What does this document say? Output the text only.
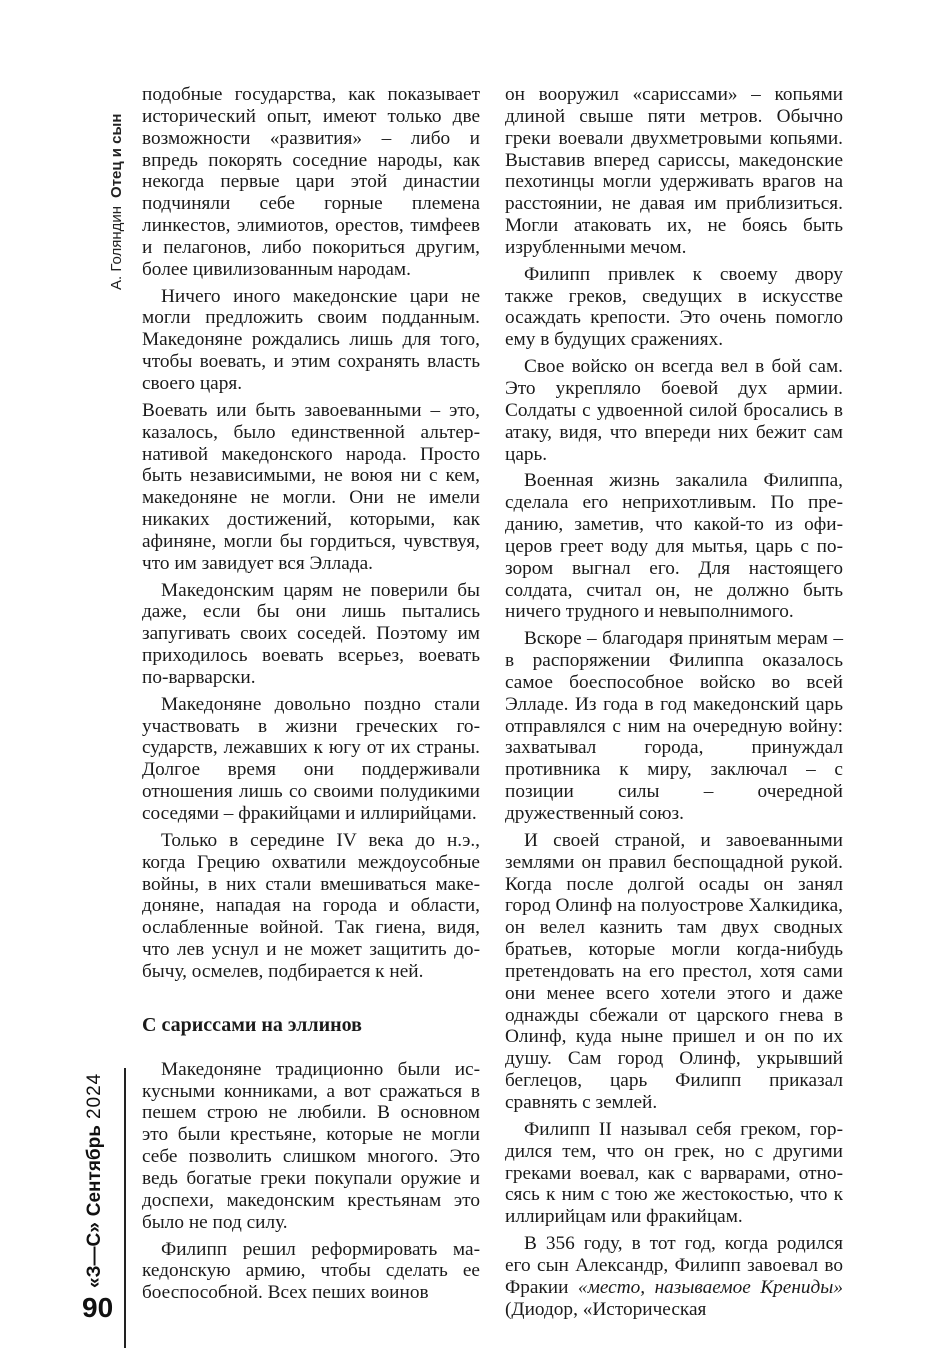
А. ГоляндинОтец и сын
«З—С»Сентябрь2024
90

подобные государства, как показывает исторический опыт, имеют только две возможности «развития» – либо и впредь покорять соседние народы, как некогда первые цари этой династии подчиняли себе горные племена линкестов, элимиотов, орестов, тимфеев и пелагонов, либо покориться другим, более цивилизованным народам.

Ничего иного македонские цари не могли предложить своим подданным. Македоняне рождались лишь для того, чтобы воевать, и этим сохранять власть своего царя.

Воевать или быть завоеванными – это, казалось, было единственной альтернативой македонского народа. Просто быть независимыми, не воюя ни с кем, македоняне не могли. Они не имели никаких достижений, которыми, как афиняне, могли бы гордиться, чувствуя, что им завидует вся Эллада.

Македонским царям не поверили бы даже, если бы они лишь пытались запугивать своих соседей. Поэтому им приходилось воевать всерьез, воевать по-варварски.

Македоняне довольно поздно стали участвовать в жизни греческих государств, лежавших к югу от их страны. Долгое время они поддерживали отношения лишь со своими полудикими соседями – фракийцами и иллирийцами.

Только в середине IV века до н.э., когда Грецию охватили междоусобные войны, в них стали вмешиваться македоняне, нападая на города и области, ослабленные войной. Так гиена, видя, что лев уснул и не может защитить добычу, осмелев, подбирается к ней.

С сариссами на эллинов

Македоняне традиционно были искусными конниками, а вот сражаться в пешем строю не любили. В основном это были крестьяне, которые не могли себе позволить слишком многого. Это ведь богатые греки покупали оружие и доспехи, македонским крестьянам это было не под силу.

Филипп решил реформировать македонскую армию, чтобы сделать ее боеспособной. Всех пеших воинов

он вооружил «сариссами» – копьями длиной свыше пяти метров. Обычно греки воевали двухметровыми копьями. Выставив вперед сариссы, македонские пехотинцы могли удерживать врагов на расстоянии, не давая им приблизиться. Могли атаковать их, не боясь быть изрубленными мечом.

Филипп привлек к своему двору также греков, сведущих в искусстве осаждать крепости. Это очень помогло ему в будущих сражениях.

Свое войско он всегда вел в бой сам. Это укрепляло боевой дух армии. Солдаты с удвоенной силой бросались в атаку, видя, что впереди них бежит сам царь.

Военная жизнь закалила Филиппа, сделала его неприхотливым. По преданию, заметив, что какой-то из офицеров греет воду для мытья, царь с позором выгнал его. Для настоящего солдата, считал он, не должно быть ничего трудного и невыполнимого.

Вскоре – благодаря принятым мерам – в распоряжении Филиппа оказалось самое боеспособное войско во всей Элладе. Из года в год македонский царь отправлялся с ним на очередную войну: захватывал города, принуждал противника к миру, заключал – с позиции силы – очередной дружественный союз.

И своей страной, и завоеванными землями он правил беспощадной рукой. Когда после долгой осады он занял город Олинф на полуострове Халкидика, он велел казнить там двух сводных братьев, которые могли когда-нибудь претендовать на его престол, хотя сами они менее всего хотели этого и даже однажды сбежали от царского гнева в Олинф, куда ныне пришел и он по их душу. Сам город Олинф, укрывший беглецов, царь Филипп приказал сравнять с землей.

Филипп II называл себя греком, гордился тем, что он грек, но с другими греками воевал, как с варварами, относясь к ним с тою же жестокостью, что к иллирийцам или фракийцам.

В 356 году, в тот год, когда родился его сын Александр, Филипп завоевал во Фракии «место, называемое Крениды» (Диодор, «Историческая
